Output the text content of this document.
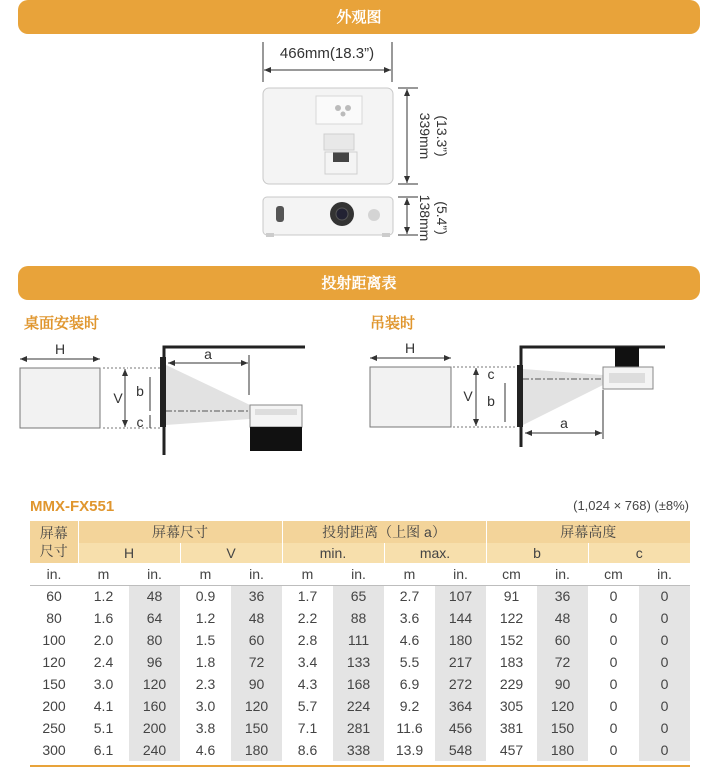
外观图
466mm(18.3”)
339mm (13.3”)
138mm (5.4”)
投射距离表
桌面安装时	吊装时
H
V b
c
a	H
V
c
b
a
MMX-FX551	(1,024 × 768) (±8%)
屏幕
尺寸	屏幕尺寸				投射距离（上图 a）				屏幕高度			
	H		V		min.		max.		b		c	
in.	m	in.	m	in.	m	in.	m	in.	cm	in.	cm	in.
60	1.2	48	0.9	36	1.7	65	2.7	107	91	36	0	0
80	1.6	64	1.2	48	2.2	88	3.6	144	122	48	0	0
100	2.0	80	1.5	60	2.8	111	4.6	180	152	60	0	0
120	2.4	96	1.8	72	3.4	133	5.5	217	183	72	0	0
150	3.0	120	2.3	90	4.3	168	6.9	272	229	90	0	0
200	4.1	160	3.0	120	5.7	224	9.2	364	305	120	0	0
250	5.1	200	3.8	150	7.1	281	11.6	456	381	150	0	0
300	6.1	240	4.6	180	8.6	338	13.9	548	457	180	0	0
